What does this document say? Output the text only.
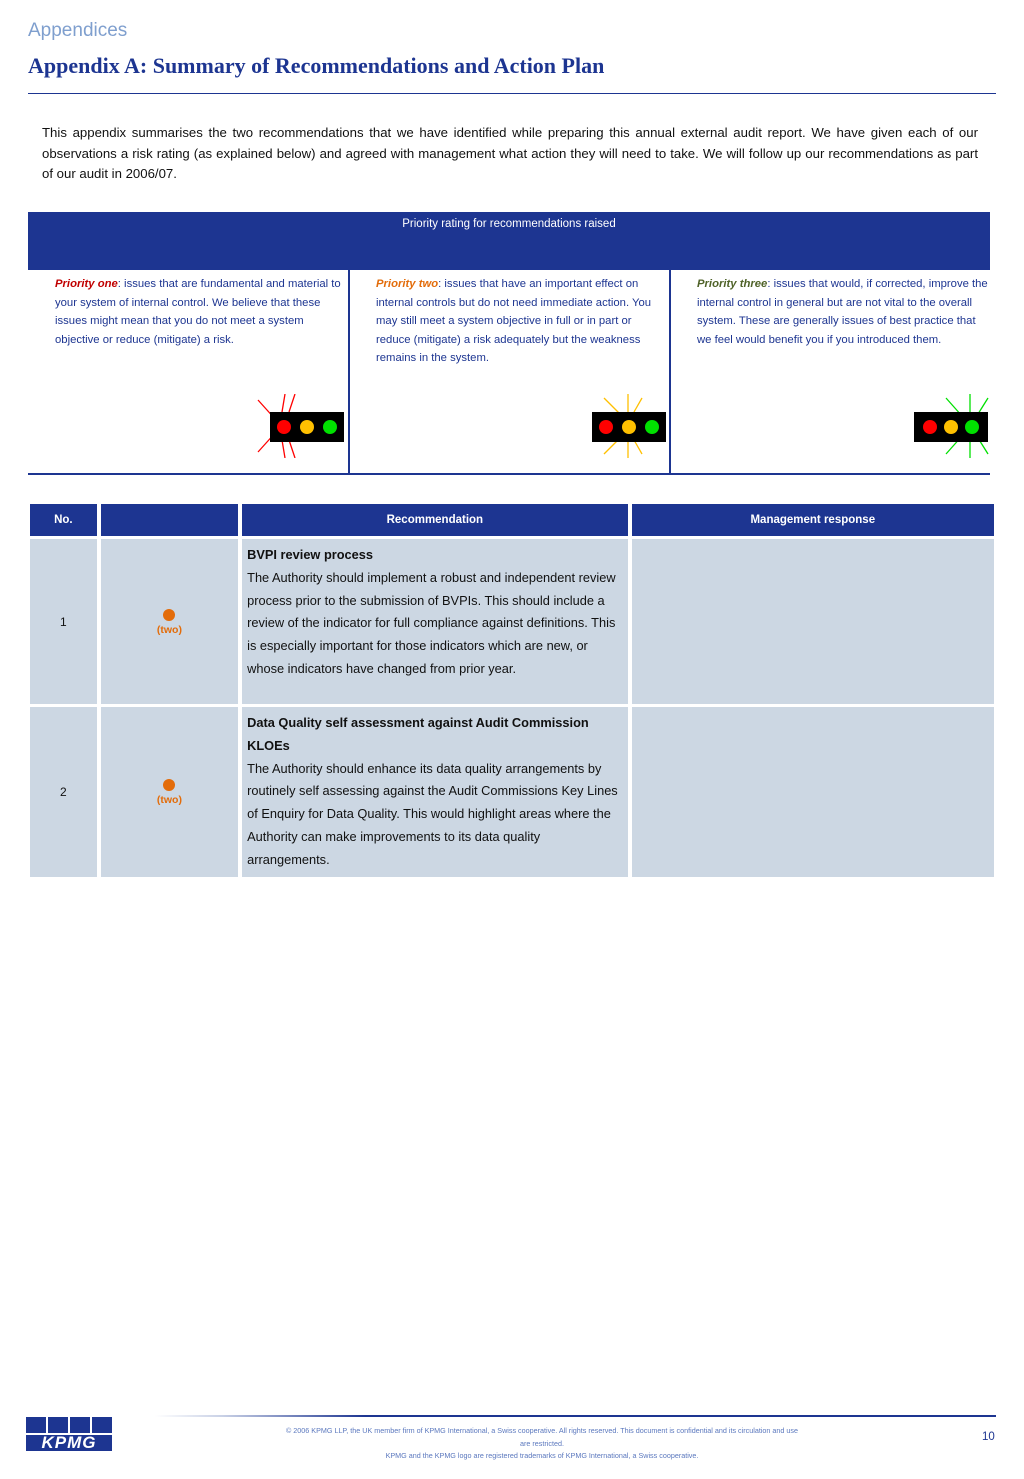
Appendices
Appendix A: Summary of Recommendations and Action Plan
This appendix summarises the two recommendations that we have identified while preparing this annual external audit report. We have given each of our observations a risk rating (as explained below) and agreed with management what action they will need to take. We will follow up our recommendations as part of our audit in 2006/07.
Priority rating for recommendations raised

Priority one: issues that are fundamental and material to your system of internal control. We believe that these issues might mean that you do not meet a system objective or reduce (mitigate) a risk.

Priority two: issues that have an important effect on internal controls but do not need immediate action. You may still meet a system objective in full or in part or reduce (mitigate) a risk adequately but the weakness remains in the system.

Priority three: issues that would, if corrected, improve the internal control in general but are not vital to the overall system. These are generally issues of best practice that we feel would benefit you if you introduced them.

No.		Recommendation	Management response
1	(two)	BVPI review process
The Authority should implement a robust and independent review process prior to the submission of BVPIs. This should include a review of the indicator for full compliance against definitions. This is especially important for those indicators which are new, or whose indicators have changed from prior year.	

2	(two)	Data Quality self assessment against Audit Commission KLOEs
The Authority should enhance its data quality arrangements by routinely self assessing against the Audit Commissions Key Lines of Enquiry for Data Quality. This would highlight areas where the Authority can make improvements to its data quality arrangements.	

KPMG
© 2006 KPMG LLP, the UK member firm of KPMG International, a Swiss cooperative. All rights reserved. This document is confidential and its circulation and use
are restricted.
KPMG and the KPMG logo are registered trademarks of KPMG International, a Swiss cooperative.
10
